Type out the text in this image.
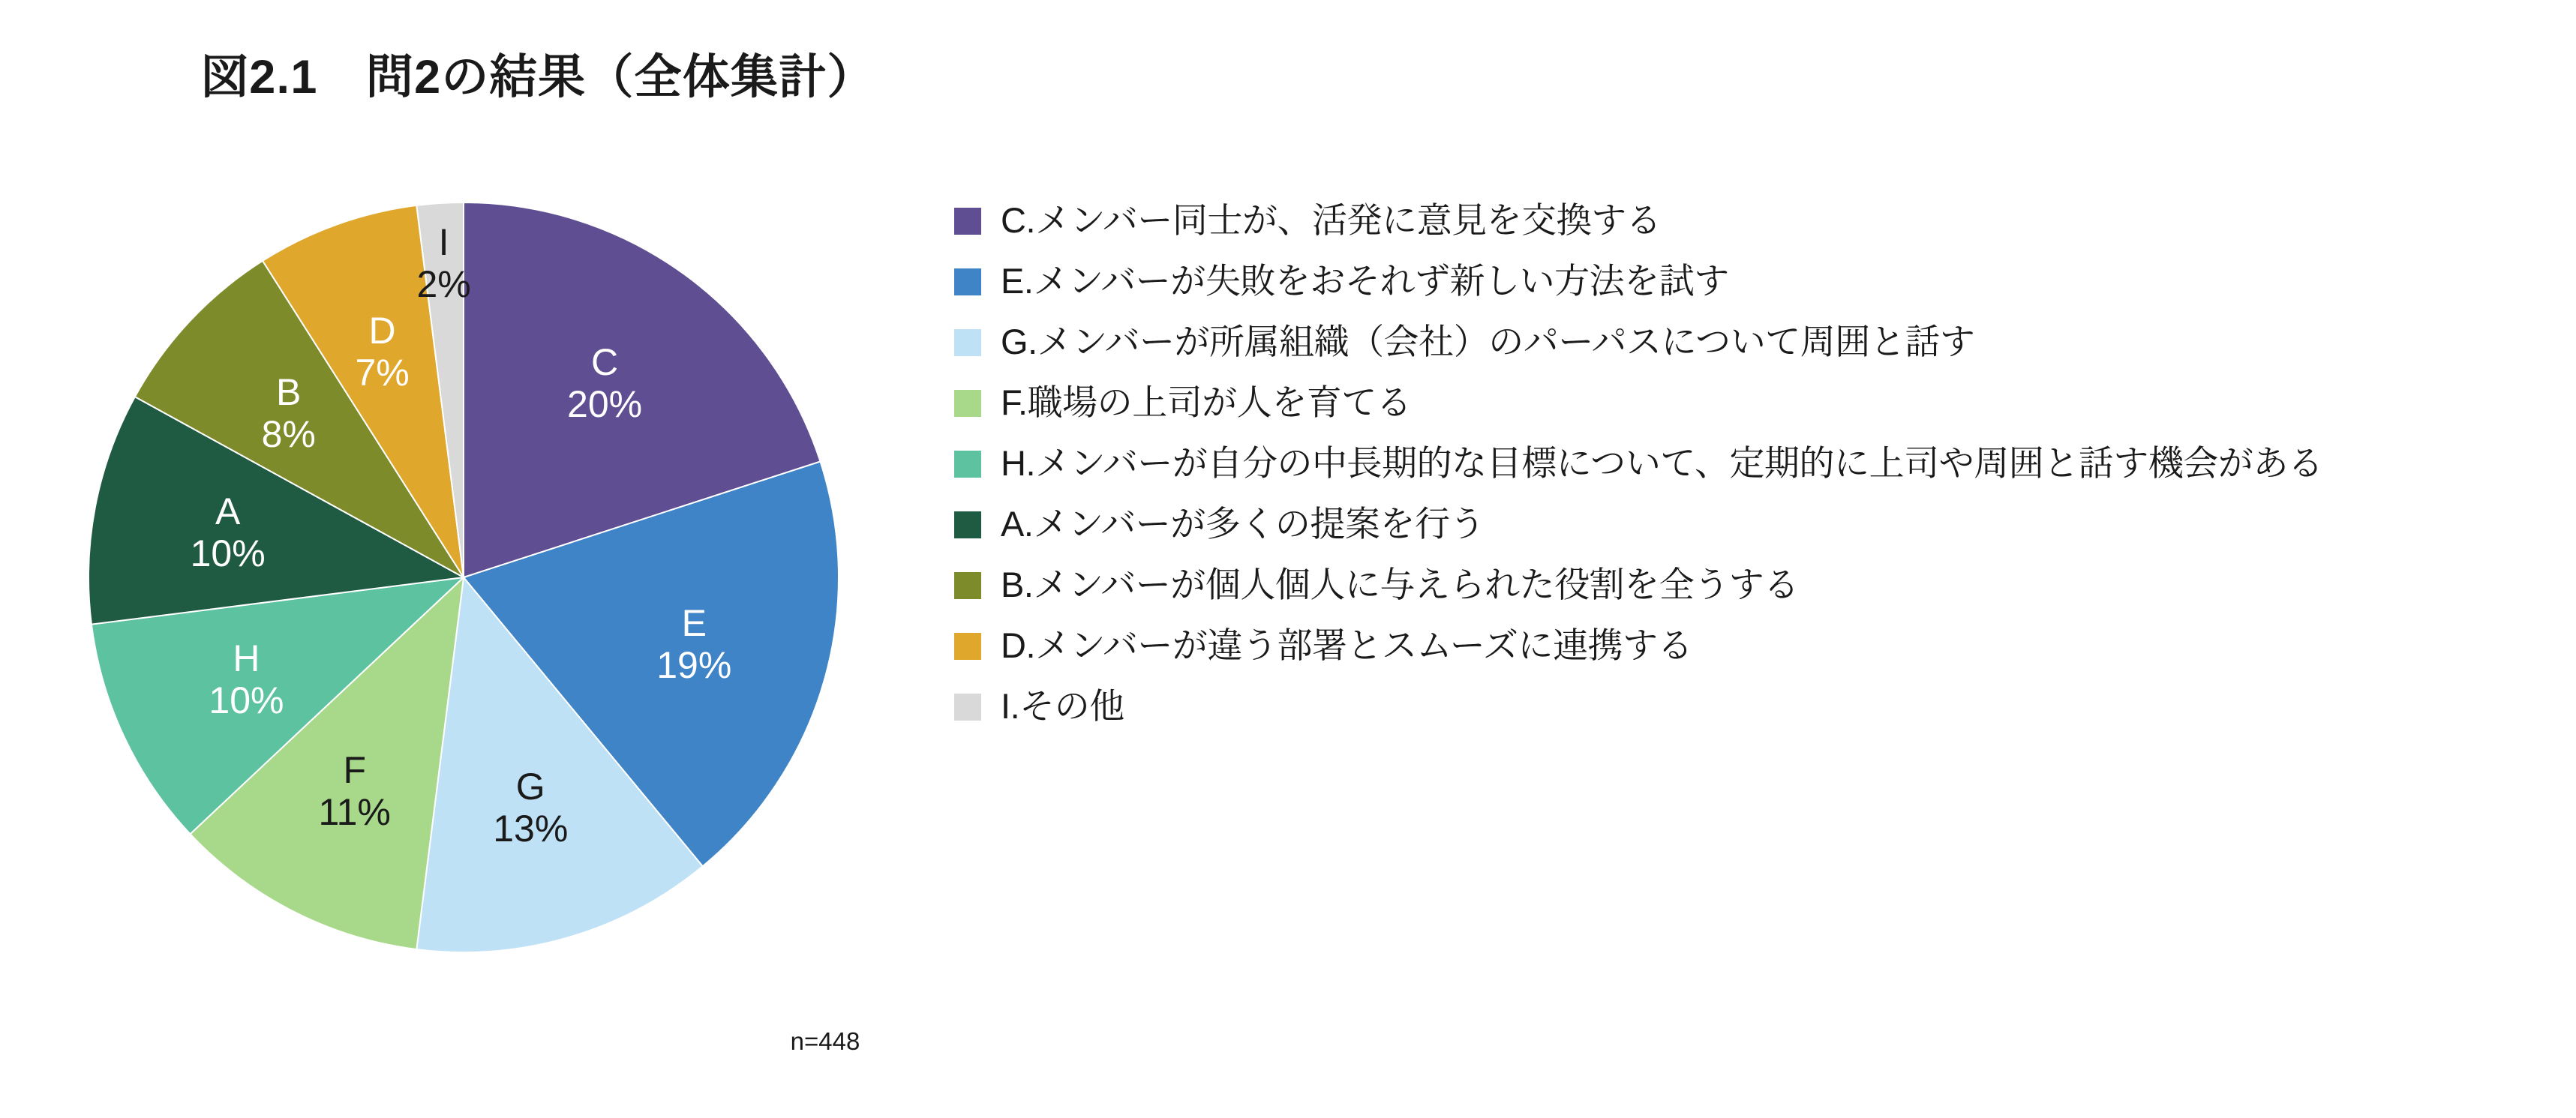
図2.1　問2の結果（全体集計）
C
20%
E
19%
G
13%
F
11%
H
10%
A
10%
B
8%
D
7%
I
2%
n=448
C.メンバー同士が、活発に意見を交換する
E.メンバーが失敗をおそれず新しい方法を試す
G.メンバーが所属組織（会社）のパーパスについて周囲と話す
F.職場の上司が人を育てる
H.メンバーが自分の中長期的な目標について、定期的に上司や周囲と話す機会がある
A.メンバーが多くの提案を行う
B.メンバーが個人個人に与えられた役割を全うする
D.メンバーが違う部署とスムーズに連携する
I.その他
